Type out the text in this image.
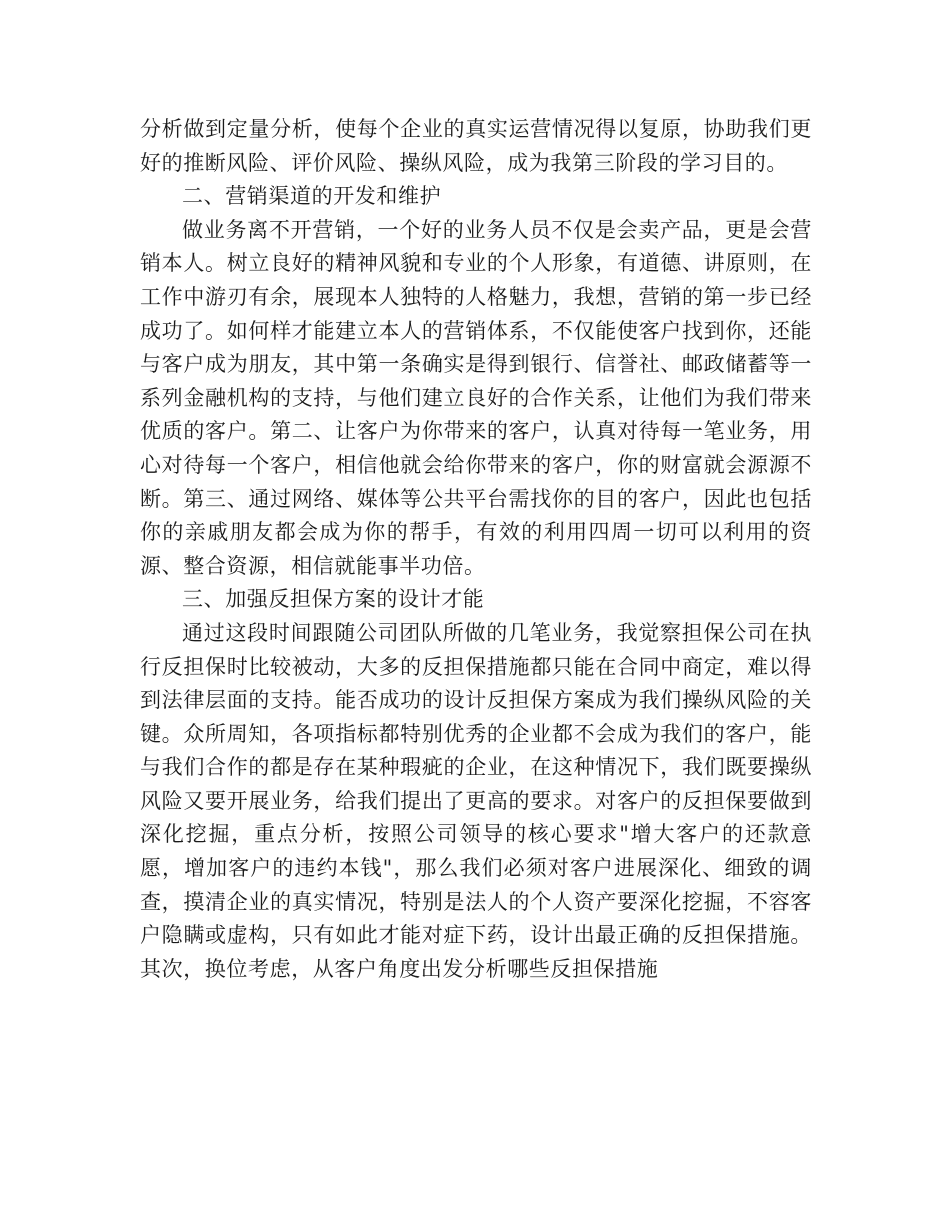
分析做到定量分析，使每个企业的真实运营情况得以复原，协助我们更好的推断风险、评价风险、操纵风险，成为我第三阶段的学习目的。

二、营销渠道的开发和维护

做业务离不开营销，一个好的业务人员不仅是会卖产品，更是会营销本人。树立良好的精神风貌和专业的个人形象，有道德、讲原则，在工作中游刃有余，展现本人独特的人格魅力，我想，营销的第一步已经成功了。如何样才能建立本人的营销体系，不仅能使客户找到你，还能与客户成为朋友，其中第一条确实是得到银行、信誉社、邮政储蓄等一系列金融机构的支持，与他们建立良好的合作关系，让他们为我们带来优质的客户。第二、让客户为你带来的客户，认真对待每一笔业务，用心对待每一个客户，相信他就会给你带来的客户，你的财富就会源源不断。第三、通过网络、媒体等公共平台需找你的目的客户，因此也包括你的亲戚朋友都会成为你的帮手，有效的利用四周一切可以利用的资源、整合资源，相信就能事半功倍。

三、加强反担保方案的设计才能

通过这段时间跟随公司团队所做的几笔业务，我觉察担保公司在执行反担保时比较被动，大多的反担保措施都只能在合同中商定，难以得到法律层面的支持。能否成功的设计反担保方案成为我们操纵风险的关键。众所周知，各项指标都特别优秀的企业都不会成为我们的客户，能与我们合作的都是存在某种瑕疵的企业，在这种情况下，我们既要操纵风险又要开展业务，给我们提出了更高的要求。对客户的反担保要做到深化挖掘，重点分析，按照公司领导的核心要求"增大客户的还款意愿，增加客户的违约本钱"，那么我们必须对客户进展深化、细致的调查，摸清企业的真实情况，特别是法人的个人资产要深化挖掘，不容客户隐瞒或虚构，只有如此才能对症下药，设计出最正确的反担保措施。其次，换位考虑，从客户角度出发分析哪些反担保措施
